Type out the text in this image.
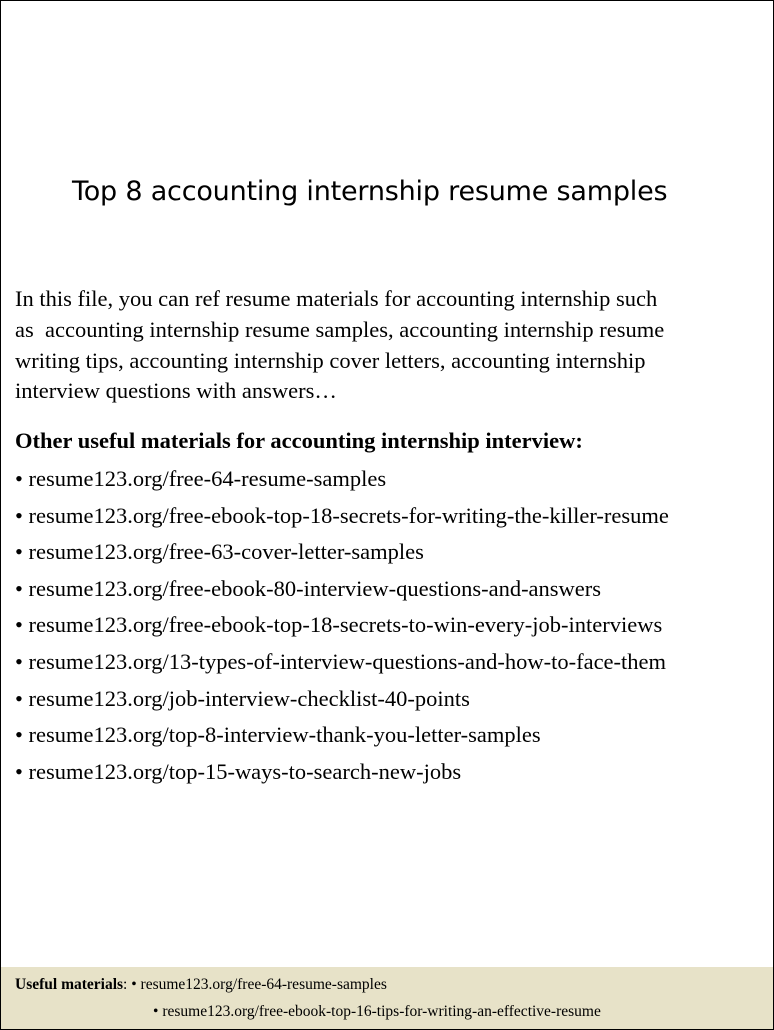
Top 8 accounting internship resume samples
In this file, you can ref resume materials for accounting internship such
as  accounting internship resume samples, accounting internship resume
writing tips, accounting internship cover letters, accounting internship
interview questions with answers…
Other useful materials for accounting internship interview:
• resume123.org/free-64-resume-samples
• resume123.org/free-ebook-top-18-secrets-for-writing-the-killer-resume
• resume123.org/free-63-cover-letter-samples
• resume123.org/free-ebook-80-interview-questions-and-answers
• resume123.org/free-ebook-top-18-secrets-to-win-every-job-interviews
• resume123.org/13-types-of-interview-questions-and-how-to-face-them
• resume123.org/job-interview-checklist-40-points
• resume123.org/top-8-interview-thank-you-letter-samples
• resume123.org/top-15-ways-to-search-new-jobs
Useful materials: • resume123.org/free-64-resume-samples
• resume123.org/free-ebook-top-16-tips-for-writing-an-effective-resume
